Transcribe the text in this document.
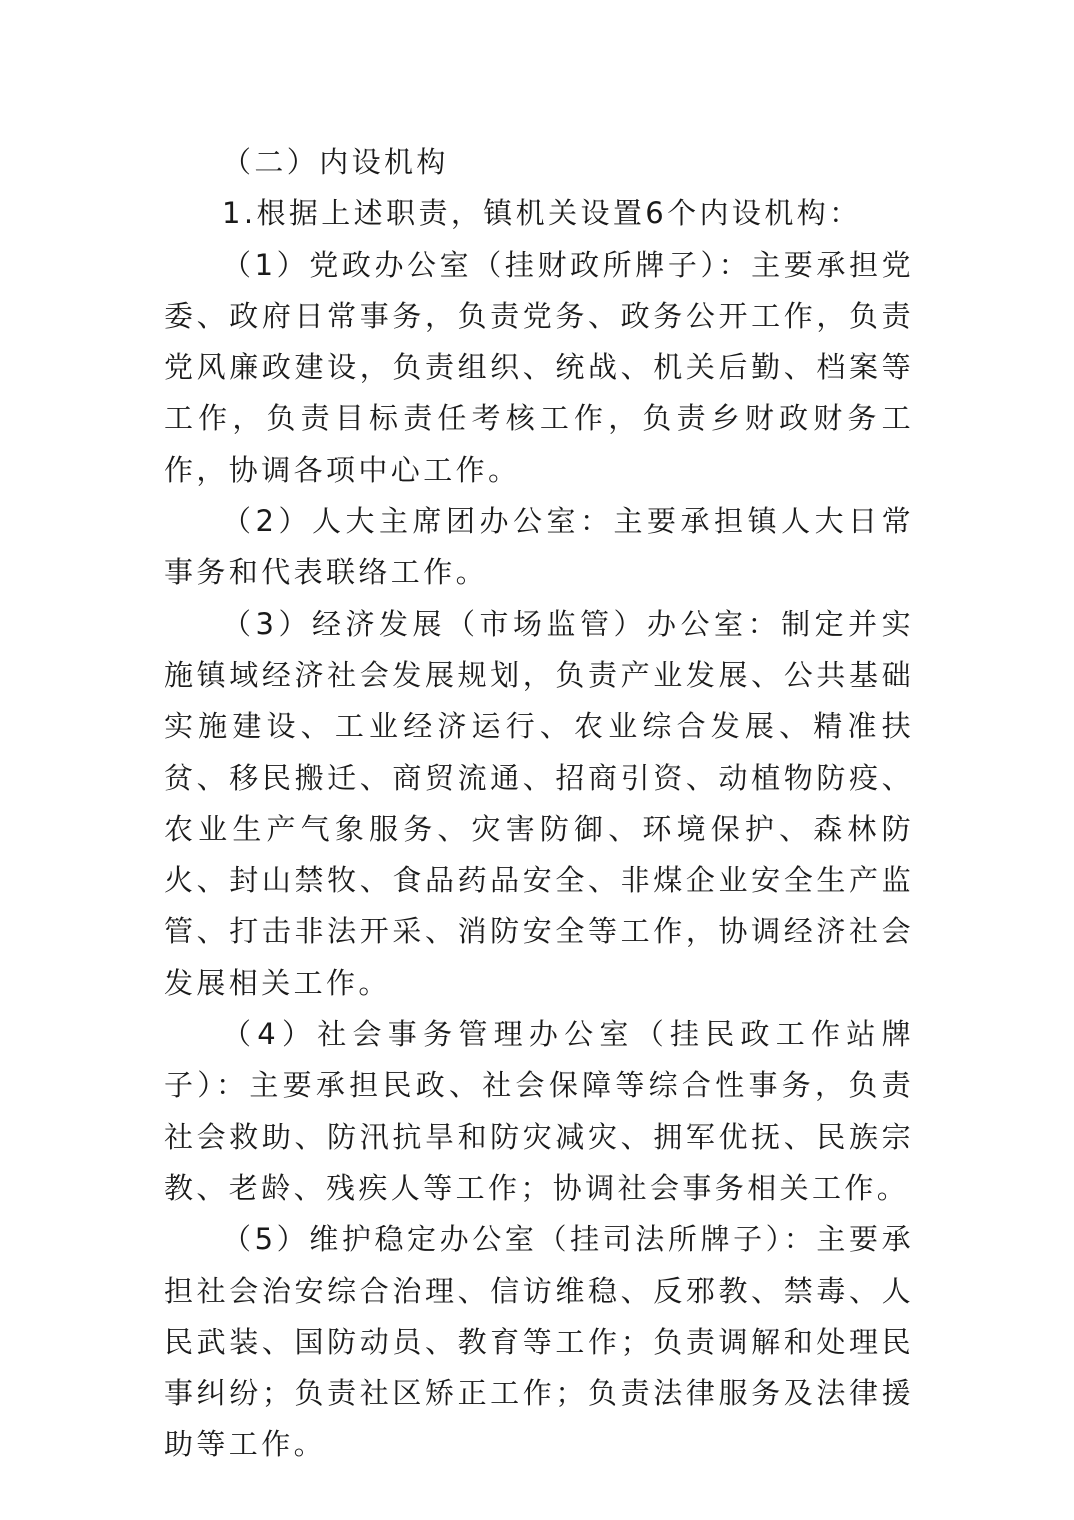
（二）内设机构

1.根据上述职责，镇机关设置6个内设机构：

（1）党政办公室（挂财政所牌子）：主要承担党委、政府日常事务，负责党务、政务公开工作，负责党风廉政建设，负责组织、统战、机关后勤、档案等工作，负责目标责任考核工作，负责乡财政财务工作，协调各项中心工作。

（2）人大主席团办公室：主要承担镇人大日常事务和代表联络工作。

（3）经济发展（市场监管）办公室：制定并实施镇域经济社会发展规划，负责产业发展、公共基础实施建设、工业经济运行、农业综合发展、精准扶贫、移民搬迁、商贸流通、招商引资、动植物防疫、农业生产气象服务、灾害防御、环境保护、森林防火、封山禁牧、食品药品安全、非煤企业安全生产监管、打击非法开采、消防安全等工作，协调经济社会发展相关工作。

（4）社会事务管理办公室（挂民政工作站牌子）：主要承担民政、社会保障等综合性事务，负责社会救助、防汛抗旱和防灾减灾、拥军优抚、民族宗教、老龄、残疾人等工作；协调社会事务相关工作。

（5）维护稳定办公室（挂司法所牌子）：主要承担社会治安综合治理、信访维稳、反邪教、禁毒、人民武装、国防动员、教育等工作；负责调解和处理民事纠纷；负责社区矫正工作；负责法律服务及法律援助等工作。
